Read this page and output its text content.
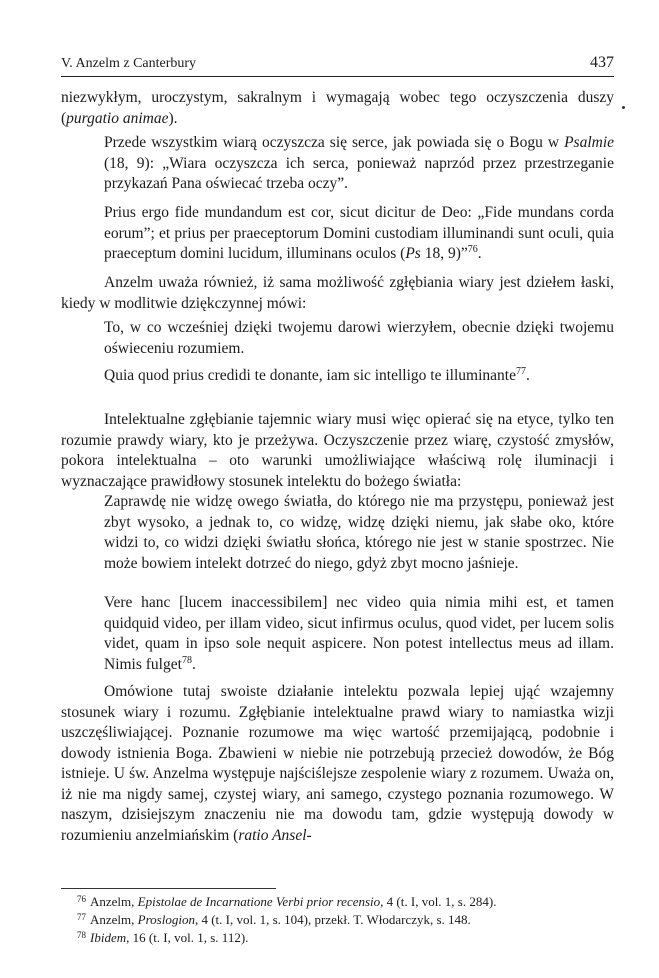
V. Anzelm z Canterbury	437

niezwykłym, uroczystym, sakralnym i wymagają wobec tego oczyszczenia duszy (purgatio animae).

Przede wszystkim wiarą oczyszcza się serce, jak powiada się o Bogu w Psalmie (18, 9): „Wiara oczyszcza ich serca, ponieważ naprzód przez przestrzeganie przykazań Pana oświecać trzeba oczy”.

Prius ergo fide mundandum est cor, sicut dicitur de Deo: „Fide mundans corda eorum”; et prius per praeceptorum Domini custodiam illuminandi sunt oculi, quia praeceptum domini lucidum, illuminans oculos (Ps 18, 9)”$^{76}$.

Anzelm uważa również, iż sama możliwość zgłębiania wiary jest dziełem łaski, kiedy w modlitwie dziękczynnej mówi:

To, w co wcześniej dzięki twojemu darowi wierzyłem, obecnie dzięki twojemu oświeceniu rozumiem.

Quia quod prius credidi te donante, iam sic intelligo te illuminante$^{77}$.

Intelektualne zgłębianie tajemnic wiary musi więc opierać się na etyce, tylko ten rozumie prawdy wiary, kto je przeżywa. Oczyszczenie przez wiarę, czystość zmysłów, pokora intelektualna – oto warunki umożliwiające właściwą rolę iluminacji i wyznaczające prawidłowy stosunek intelektu do bożego światła:

Zaprawdę nie widzę owego światła, do którego nie ma przystępu, ponieważ jest zbyt wysoko, a jednak to, co widzę, widzę dzięki niemu, jak słabe oko, które widzi to, co widzi dzięki światłu słońca, którego nie jest w stanie spostrzec. Nie może bowiem intelekt dotrzeć do niego, gdyż zbyt mocno jaśnieje.

Vere hanc [lucem inaccessibilem] nec video quia nimia mihi est, et tamen quidquid video, per illam video, sicut infirmus oculus, quod videt, per lucem solis videt, quam in ipso sole nequit aspicere. Non potest intellectus meus ad illam. Nimis fulget$^{78}$.

Omówione tutaj swoiste działanie intelektu pozwala lepiej ująć wzajemny stosunek wiary i rozumu. Zgłębianie intelektualne prawd wiary to namiastka wizji uszczęśliwiającej. Poznanie rozumowe ma więc wartość przemijającą, podobnie i dowody istnienia Boga. Zbawieni w niebie nie potrzebują przecież dowodów, że Bóg istnieje. U św. Anzelma występuje najściślejsze zespolenie wiary z rozumem. Uważa on, iż nie ma nigdy samej, czystej wiary, ani samego, czystego poznania rozumowego. W naszym, dzisiejszym znaczeniu nie ma dowodu tam, gdzie występują dowody w rozumieniu anzelmiańskim (ratio Ansel-

76 Anzelm, Epistolae de Incarnatione Verbi prior recensio, 4 (t. I, vol. 1, s. 284).
77 Anzelm, Proslogion, 4 (t. I, vol. 1, s. 104), przekł. T. Włodarczyk, s. 148.
78 Ibidem, 16 (t. I, vol. 1, s. 112).
